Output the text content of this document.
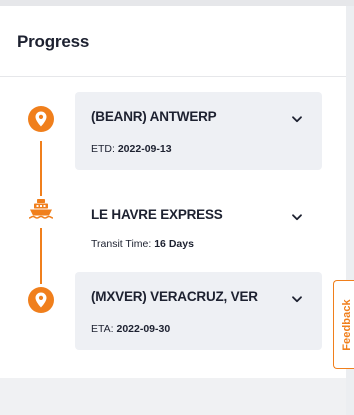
Progress
(BEANR) ANTWERP
ETD: 2022-09-13
LE HAVRE EXPRESS
Transit Time: 16 Days
(MXVER) VERACRUZ, VER
ETA: 2022-09-30	Feedback
